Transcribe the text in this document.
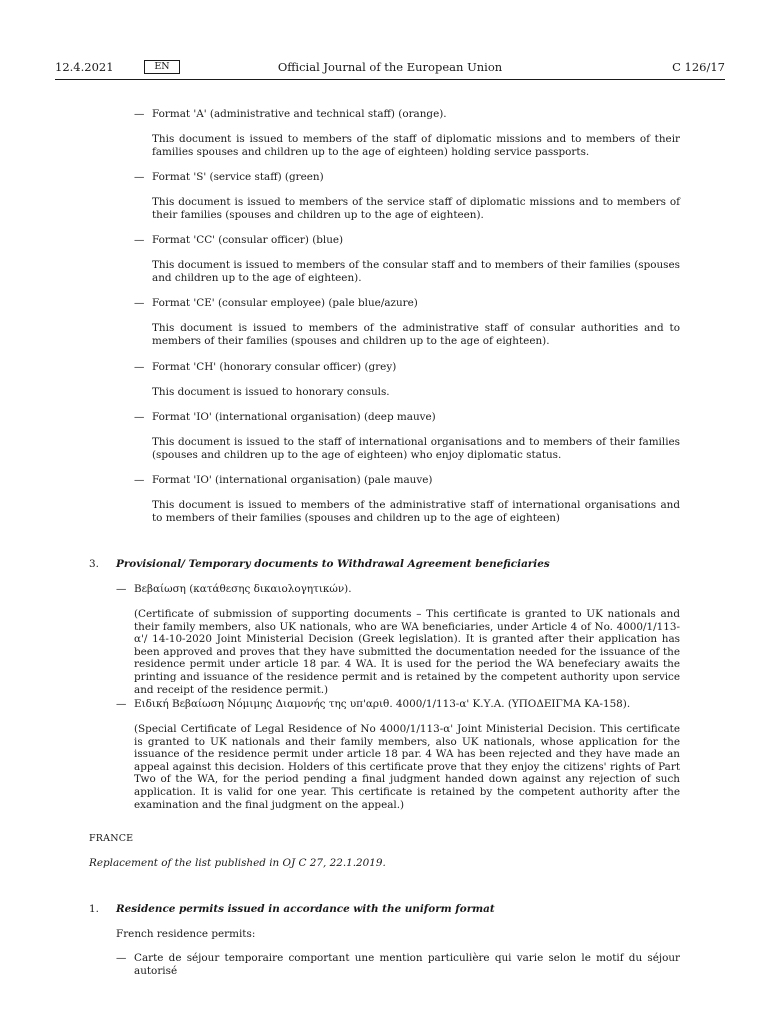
12.4.2021	EN	Official Journal of the European Union	C 126/17
— Format 'A' (administrative and technical staff) (orange).
This document is issued to members of the staff of diplomatic missions and to members of their families spouses and children up to the age of eighteen) holding service passports.
— Format 'S' (service staff) (green)
This document is issued to members of the service staff of diplomatic missions and to members of their families (spouses and children up to the age of eighteen).
— Format 'CC' (consular officer) (blue)
This document is issued to members of the consular staff and to members of their families (spouses and children up to the age of eighteen).
— Format 'CE' (consular employee) (pale blue/azure)
This document is issued to members of the administrative staff of consular authorities and to members of their families (spouses and children up to the age of eighteen).
— Format 'CH' (honorary consular officer) (grey)
This document is issued to honorary consuls.
— Format 'IO' (international organisation) (deep mauve)
This document is issued to the staff of international organisations and to members of their families (spouses and children up to the age of eighteen) who enjoy diplomatic status.
— Format 'IO' (international organisation) (pale mauve)
This document is issued to members of the administrative staff of international organisations and to members of their families (spouses and children up to the age of eighteen)
3. Provisional/ Temporary documents to Withdrawal Agreement beneficiaries
— Βεβαίωση (κατάθεσης δικαιολογητικών).
(Certificate of submission of supporting documents – This certificate is granted to UK nationals and their family members, also UK nationals, who are WA beneficiaries, under Article 4 of No. 4000/1/113-α'/ 14-10-2020 Joint Ministerial Decision (Greek legislation). It is granted after their application has been approved and proves that they have submitted the documentation needed for the issuance of the residence permit under article 18 par. 4 WA. It is used for the period the WA benefeciary awaits the printing and issuance of the residence permit and is retained by the competent authority upon service and receipt of the residence permit.)
— Ειδική Βεβαίωση Νόμιμης Διαμονής της υπ'αριθ. 4000/1/113-α' Κ.Υ.Α. (ΥΠΟΔΕΙΓΜΑ ΚΑ-158).
(Special Certificate of Legal Residence of No 4000/1/113-α' Joint Ministerial Decision. This certificate is granted to UK nationals and their family members, also UK nationals, whose application for the issuance of the residence permit under article 18 par. 4 WA has been rejected and they have made an appeal against this decision. Holders of this certificate prove that they enjoy the citizens' rights of Part Two of the WA, for the period pending a final judgment handed down against any rejection of such application. It is valid for one year. This certificate is retained by the competent authority after the examination and the final judgment on the appeal.)
FRANCE
Replacement of the list published in OJ C 27, 22.1.2019.
1. Residence permits issued in accordance with the uniform format
French residence permits:
— Carte de séjour temporaire comportant une mention particulière qui varie selon le motif du séjour autorisé
